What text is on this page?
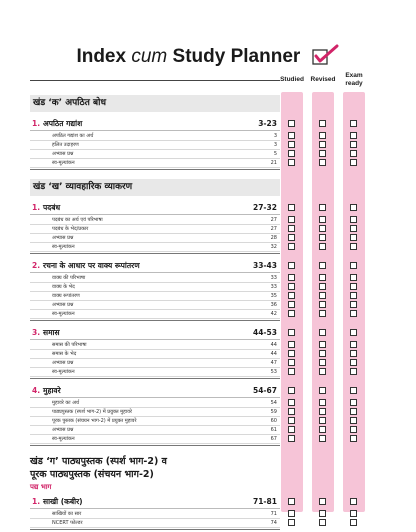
Index cum Study Planner
Studied	Revised
Exam
ready
खंड ‘क’ अपठित बोध
1. अपठित गद्यांश	3-23
अपठित गद्यांश का अर्थ	3
हलित उदाहरण	3
अभ्यास प्रश्न	5
स्व-मूल्यांकन	21
खंड ‘ख’ व्यावहारिक व्याकरण
1. पदबंध	27-32
पदबंध का अर्थ एवं परिभाषा	27
पदबंध के भेद/प्रकार	27
अभ्यास प्रश्न	28
स्व-मूल्यांकन	32
2. रचना के आधार पर वाक्य रूपांतरण	33-43
वाक्य की परिभाषा	33
वाक्य के भेद	33
वाक्य रूपांतरण	35
अभ्यास प्रश्न	36
स्व-मूल्यांकन	42
3. समास	44-53
समास की परिभाषा	44
समास के भेद	44
अभ्यास प्रश्न	47
स्व-मूल्यांकन	53
4. मुहावरे	54-67
मुहावरे का अर्थ	54
पाठ्यपुस्तक (स्पर्श भाग-2) में प्रयुक्त मुहावरे	59
पूरक पुस्तक (संचयन भाग-2) में प्रयुक्त मुहावरे	60
अभ्यास प्रश्न	61
स्व-मूल्यांकन	67
खंड ‘ग’ पाठ्यपुस्तक (स्पर्श भाग-2) व
पूरक पाठ्यपुस्तक (संचयन भाग-2)
पद्य भाग
1. साखी (कबीर)	71-81
साखियों का सार	71
NCERT फोल्डर	74
